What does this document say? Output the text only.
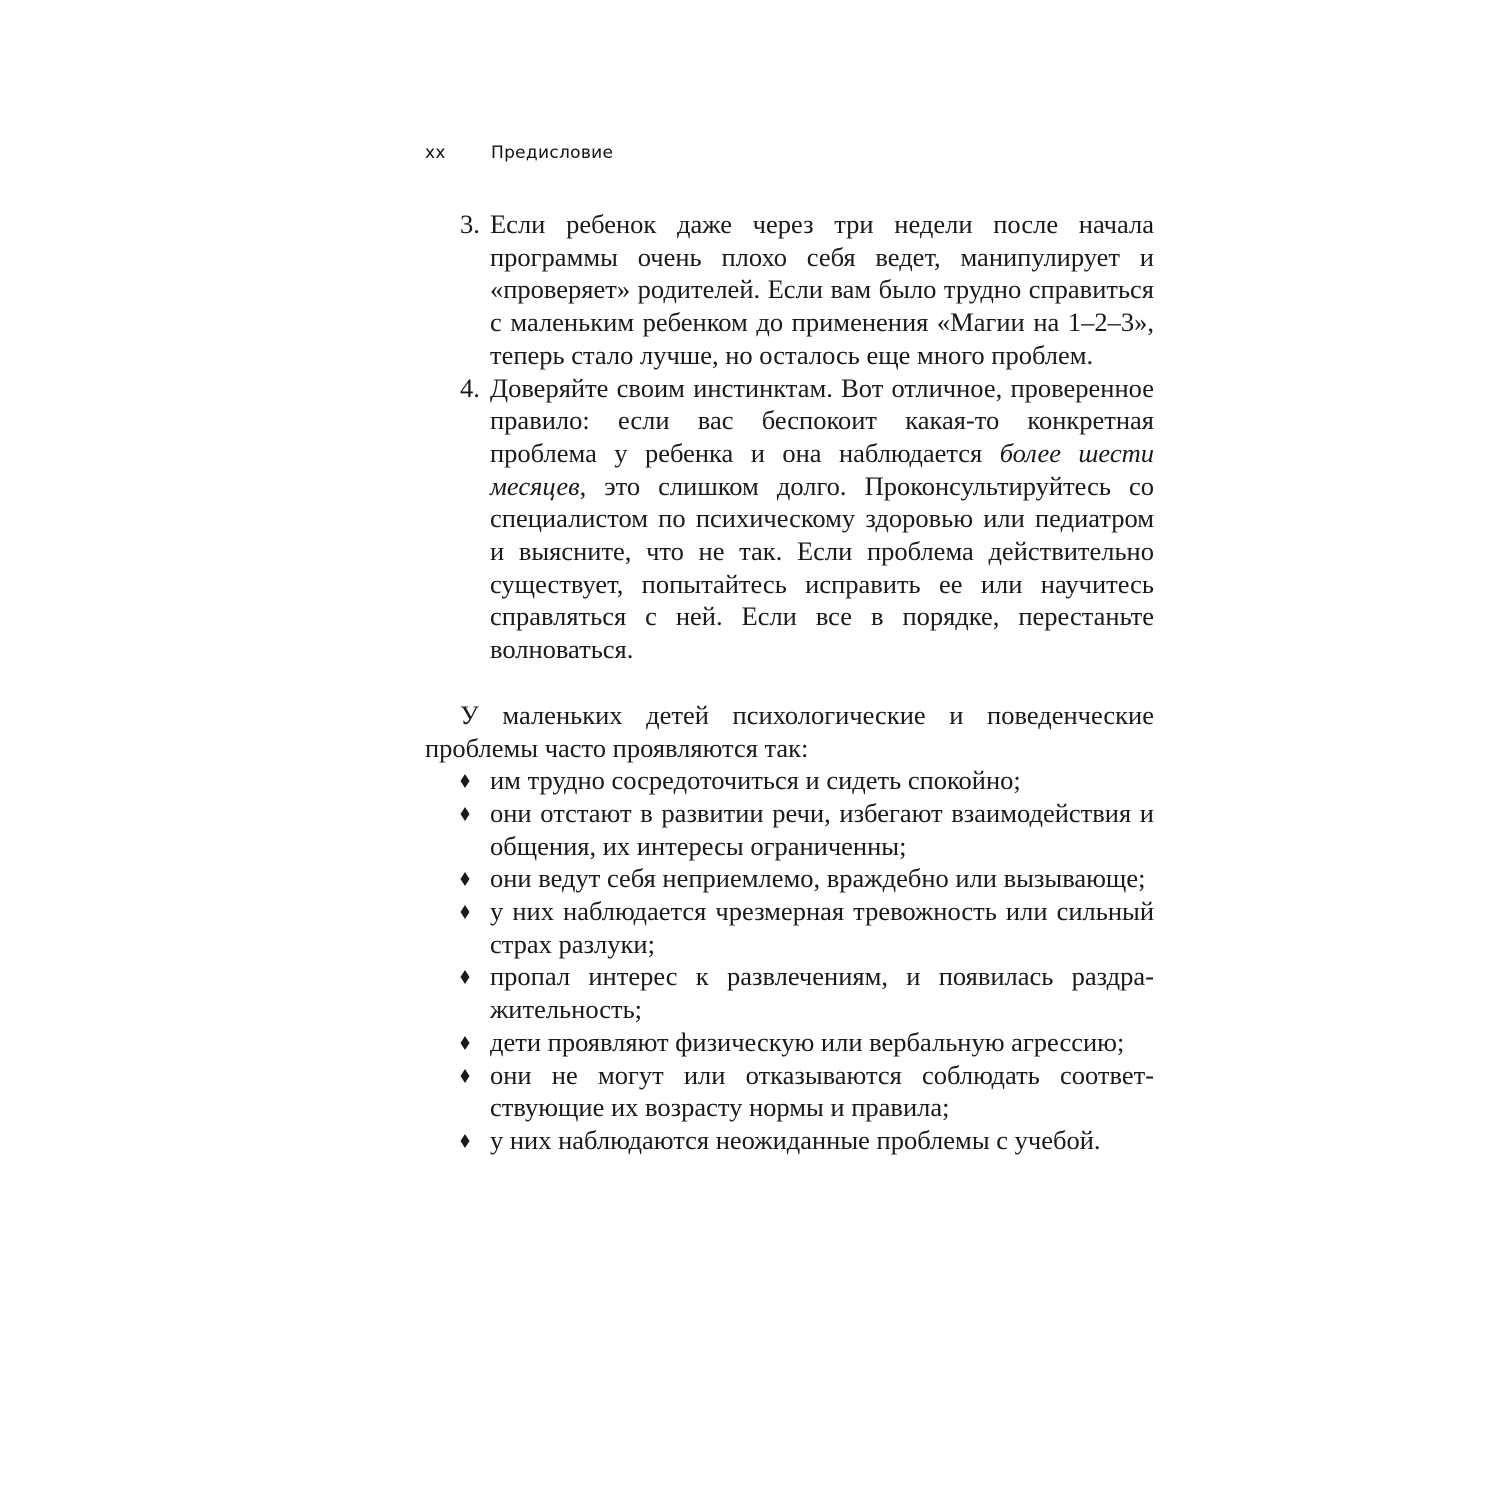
xx	Предисловие
3. Если ребенок даже через три недели после начала программы очень плохо себя ведет, манипулирует и «проверяет» родителей. Если вам было трудно справиться с маленьким ребенком до применения «Магии на 1–2–3», теперь стало лучше, но осталось еще много проблем.
4. Доверяйте своим инстинктам. Вот отличное, проверенное правило: если вас беспокоит какая-то конкретная проблема у ребенка и она наблюдается более шести месяцев, это слишком долго. Проконсультируйтесь со специалистом по психическому здоровью или педиатром и выясните, что не так. Если проблема действительно существует, попытайтесь исправить ее или научитесь справляться с ней. Если все в порядке, перестаньте волноваться.

У маленьких детей психологические и поведенческие проблемы часто проявляются так:

им трудно сосредоточиться и сидеть спокойно;
они отстают в развитии речи, избегают взаимодействия и общения, их интересы ограниченны;
они ведут себя неприемлемо, враждебно или вызывающе;
у них наблюдается чрезмерная тревожность или сильный страх разлуки;
пропал интерес к развлечениям, и появилась раздражительность;
дети проявляют физическую или вербальную агрессию;
они не могут или отказываются соблюдать соответствующие их возрасту нормы и правила;
у них наблюдаются неожиданные проблемы с учебой.
